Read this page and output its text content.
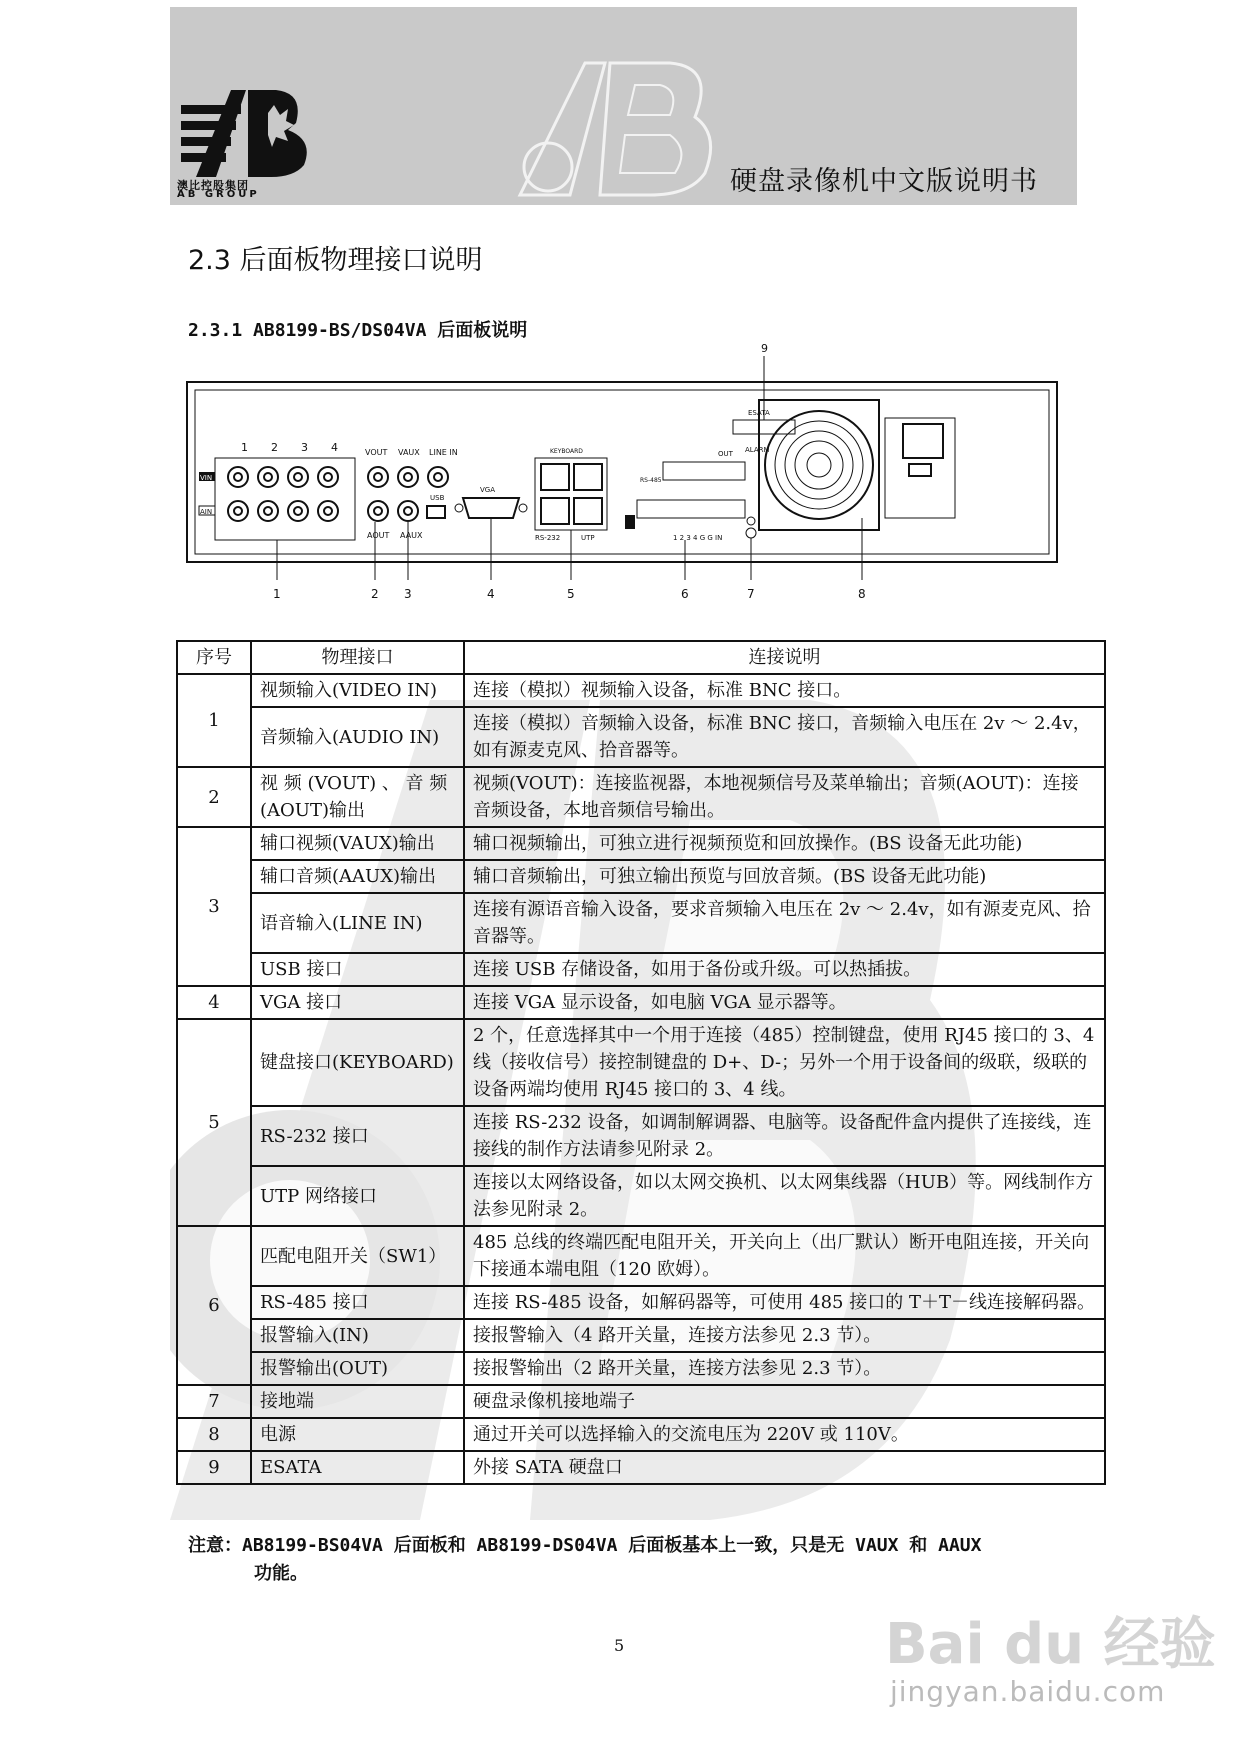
澳比控股集团
AB GROUP	硬盘录像机中文版说明书
2.3 后面板物理接口说明
2.3.1 AB8199-BS/DS04VA 后面板说明
9
ESATA
1 2 3 4
VIN
AIN
VOUT VAUX LINE IN
AOUT AAUX
USB
VGA
KEYBOARD
RS-232	UTP
RS-485
OUT ALARM
1 2 3 4 G G IN
1	2 3	4	5	6	7	8
序号	物理接口	连接说明
1	视频输入(VIDEO IN)	连接（模拟）视频输入设备，标准 BNC 接口。
	音频输入(AUDIO IN)	连接（模拟）音频输入设备，标准 BNC 接口，音频输入电压在 2v ～ 2.4v，如有源麦克风、拾音器等。
2	视 频 (VOUT) 、 音 频 (AOUT)输出	视频(VOUT)：连接监视器，本地视频信号及菜单输出；音频(AOUT)：连接音频设备，本地音频信号输出。
3	辅口视频(VAUX)输出	辅口视频输出，可独立进行视频预览和回放操作。(BS 设备无此功能)
	辅口音频(AAUX)输出	辅口音频输出，可独立输出预览与回放音频。(BS 设备无此功能)
	语音输入(LINE IN)	连接有源语音输入设备，要求音频输入电压在 2v ～ 2.4v，如有源麦克风、拾音器等。
	USB 接口	连接 USB 存储设备，如用于备份或升级。可以热插拔。
4	VGA 接口	连接 VGA 显示设备，如电脑 VGA 显示器等。
5	键盘接口(KEYBOARD)	2 个，任意选择其中一个用于连接（485）控制键盘，使用 RJ45 接口的 3、4 线（接收信号）接控制键盘的 D+、D-；另外一个用于设备间的级联，级联的设备两端均使用 RJ45 接口的 3、4 线。
	RS-232 接口	连接 RS-232 设备，如调制解调器、电脑等。设备配件盒内提供了连接线，连接线的制作方法请参见附录 2。
	UTP 网络接口	连接以太网络设备，如以太网交换机、以太网集线器（HUB）等。网线制作方法参见附录 2。
6	匹配电阻开关（SW1）	485 总线的终端匹配电阻开关，开关向上（出厂默认）断开电阻连接，开关向下接通本端电阻（120 欧姆）。
	RS-485 接口	连接 RS-485 设备，如解码器等，可使用 485 接口的 T＋T－线连接解码器。
	报警输入(IN)	接报警输入（4 路开关量，连接方法参见 2.3 节）。
	报警输出(OUT)	接报警输出（2 路开关量，连接方法参见 2.3 节）。
7	接地端	硬盘录像机接地端子
8	电源	通过开关可以选择输入的交流电压为 220V 或 110V。
9	ESATA	外接 SATA 硬盘口
注意：AB8199-BS04VA 后面板和 AB8199-DS04VA 后面板基本上一致，只是无 VAUX 和 AAUX
功能。
5	Bai du 经验
jingyan.baidu.com
